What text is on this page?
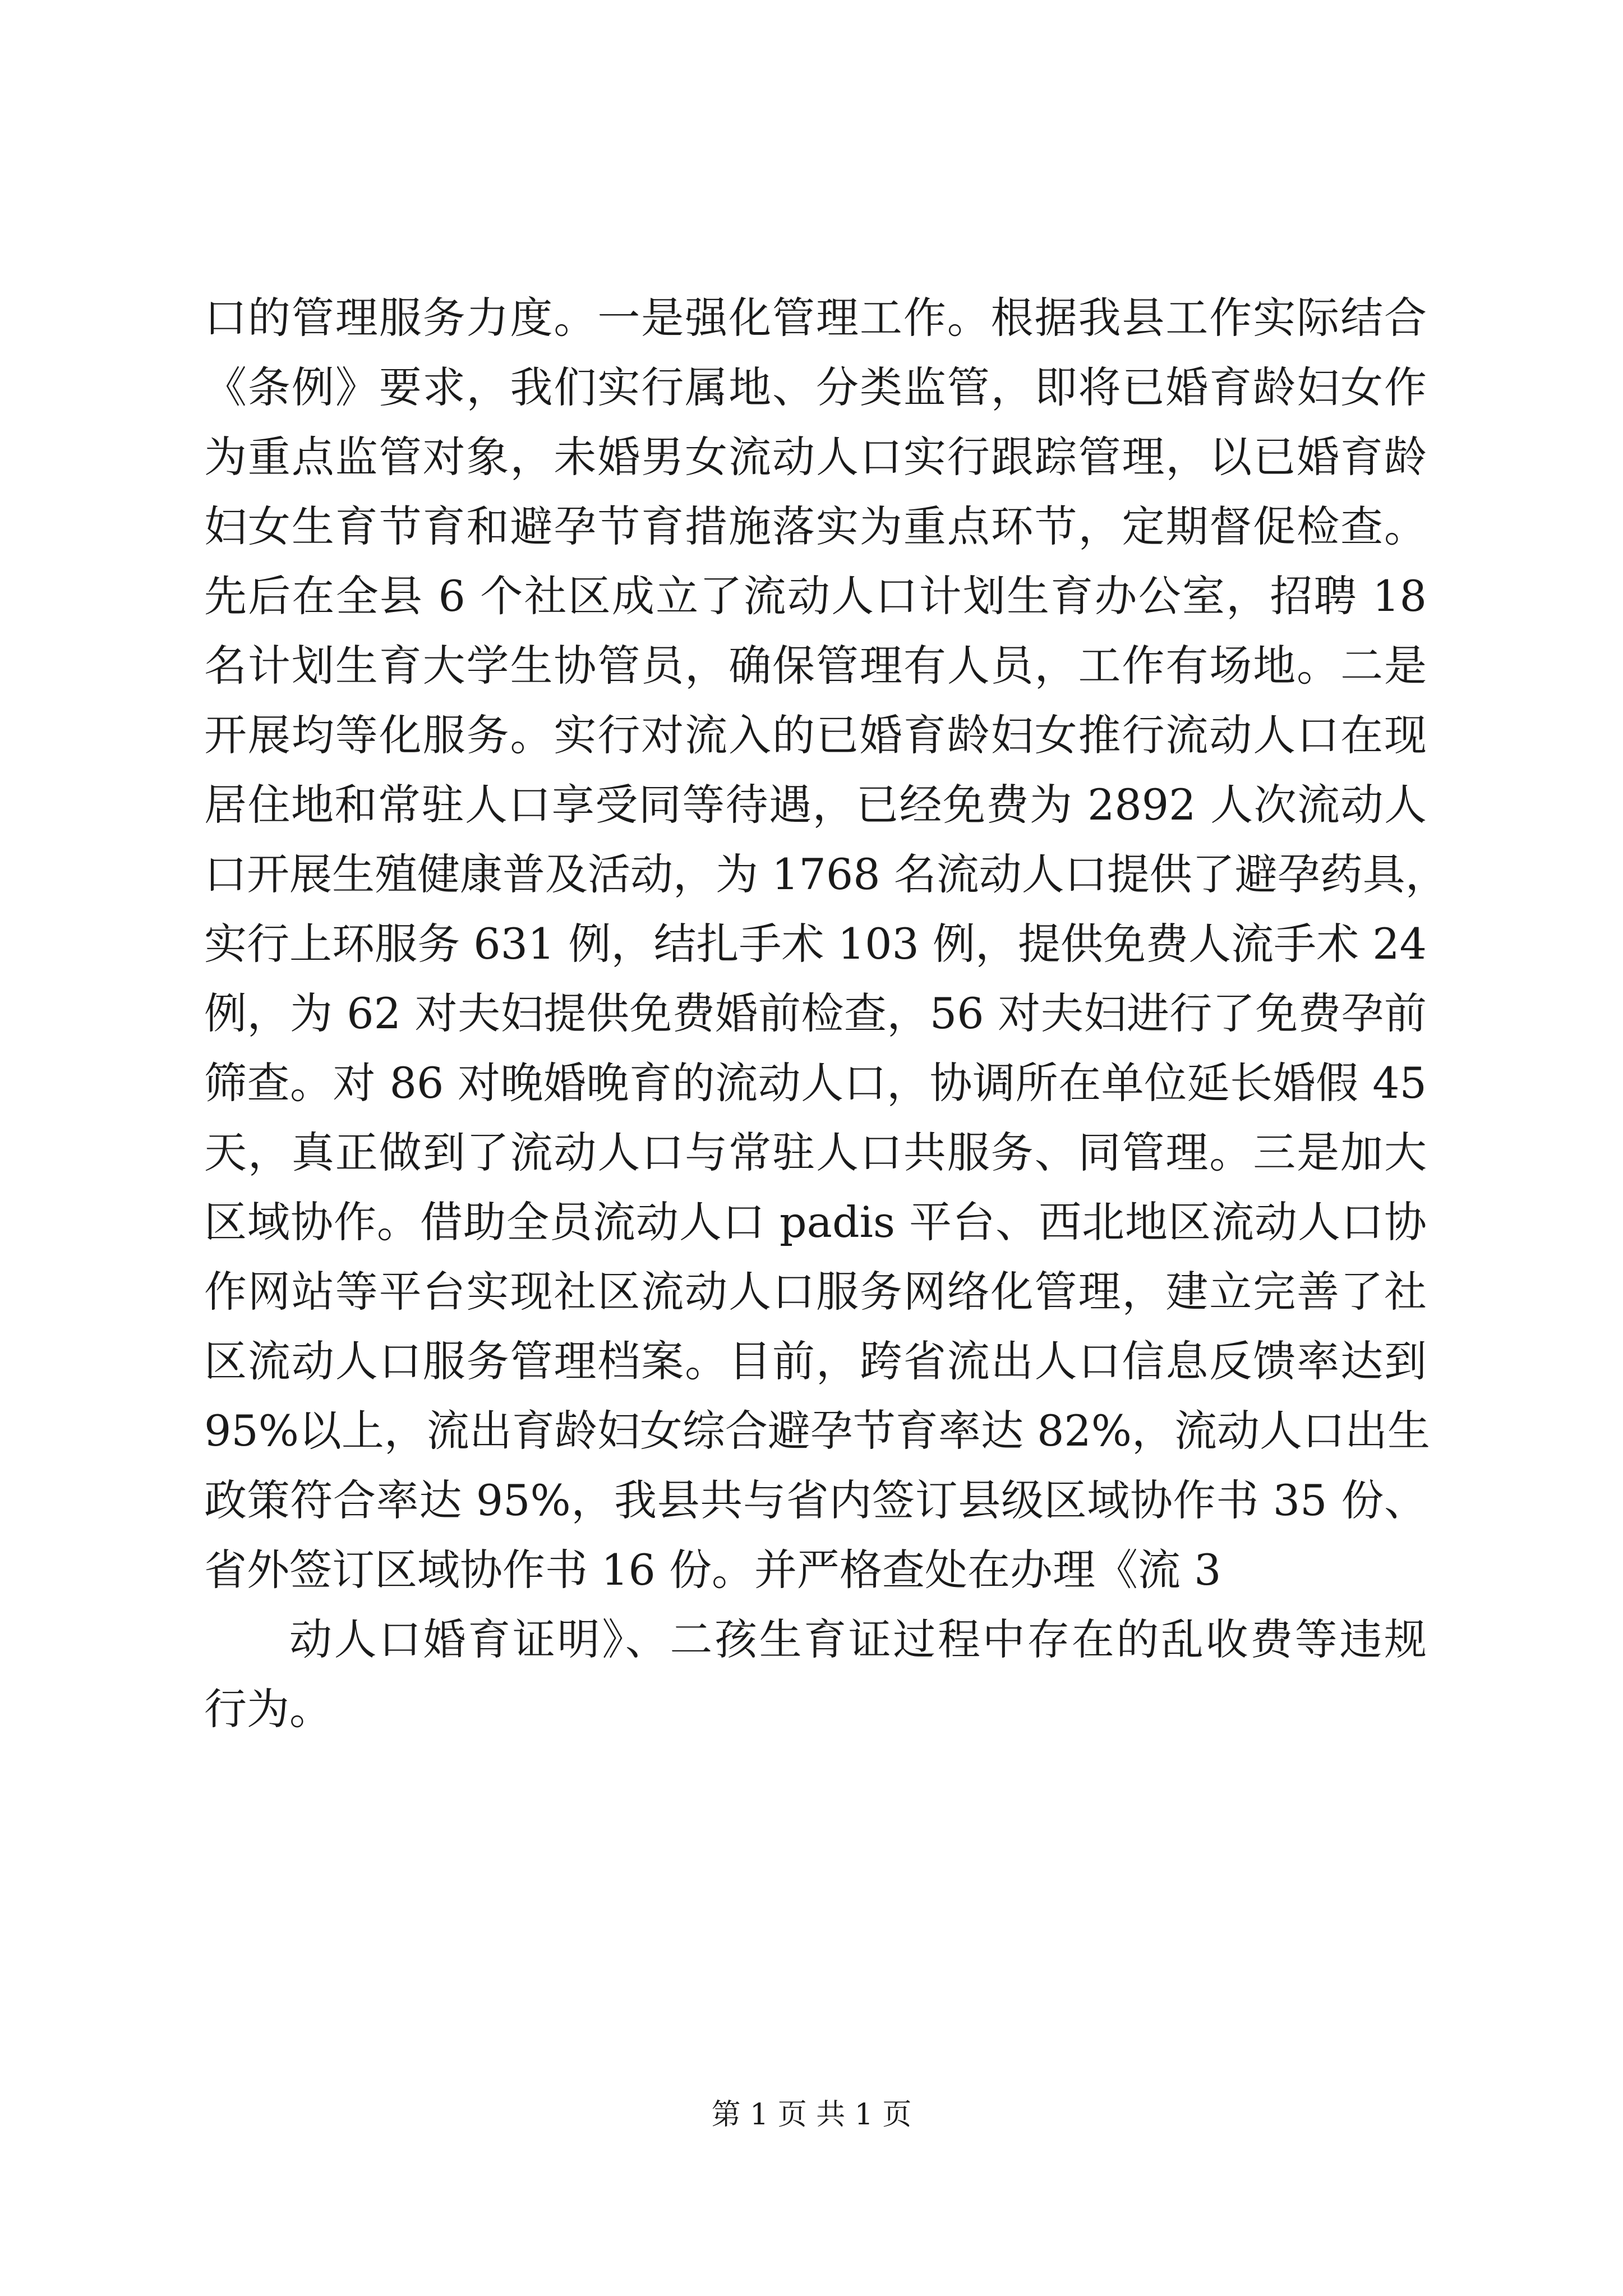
口的管理服务力度。一是强化管理工作。根据我县工作实际结合
《条例》要求，我们实行属地、分类监管，即将已婚育龄妇女作
为重点监管对象，未婚男女流动人口实行跟踪管理，以已婚育龄
妇女生育节育和避孕节育措施落实为重点环节，定期督促检查。
先后在全县 6 个社区成立了流动人口计划生育办公室，招聘 18
名计划生育大学生协管员，确保管理有人员，工作有场地。二是
开展均等化服务。实行对流入的已婚育龄妇女推行流动人口在现
居住地和常驻人口享受同等待遇，已经免费为 2892 人次流动人
口开展生殖健康普及活动，为 1768 名流动人口提供了避孕药具，
实行上环服务 631 例，结扎手术 103 例，提供免费人流手术 24
例，为 62 对夫妇提供免费婚前检查，56 对夫妇进行了免费孕前
筛查。对 86 对晚婚晚育的流动人口，协调所在单位延长婚假 45
天，真正做到了流动人口与常驻人口共服务、同管理。三是加大
区域协作。借助全员流动人口 padis 平台、西北地区流动人口协
作网站等平台实现社区流动人口服务网络化管理，建立完善了社
区流动人口服务管理档案。目前，跨省流出人口信息反馈率达到
95%以上，流出育龄妇女综合避孕节育率达 82%，流动人口出生
政策符合率达 95%，我县共与省内签订县级区域协作书 35 份、
省外签订区域协作书 16 份。并严格查处在办理《流 3
动人口婚育证明》、二孩生育证过程中存在的乱收费等违规
行为。
第 1 页 共 1 页
